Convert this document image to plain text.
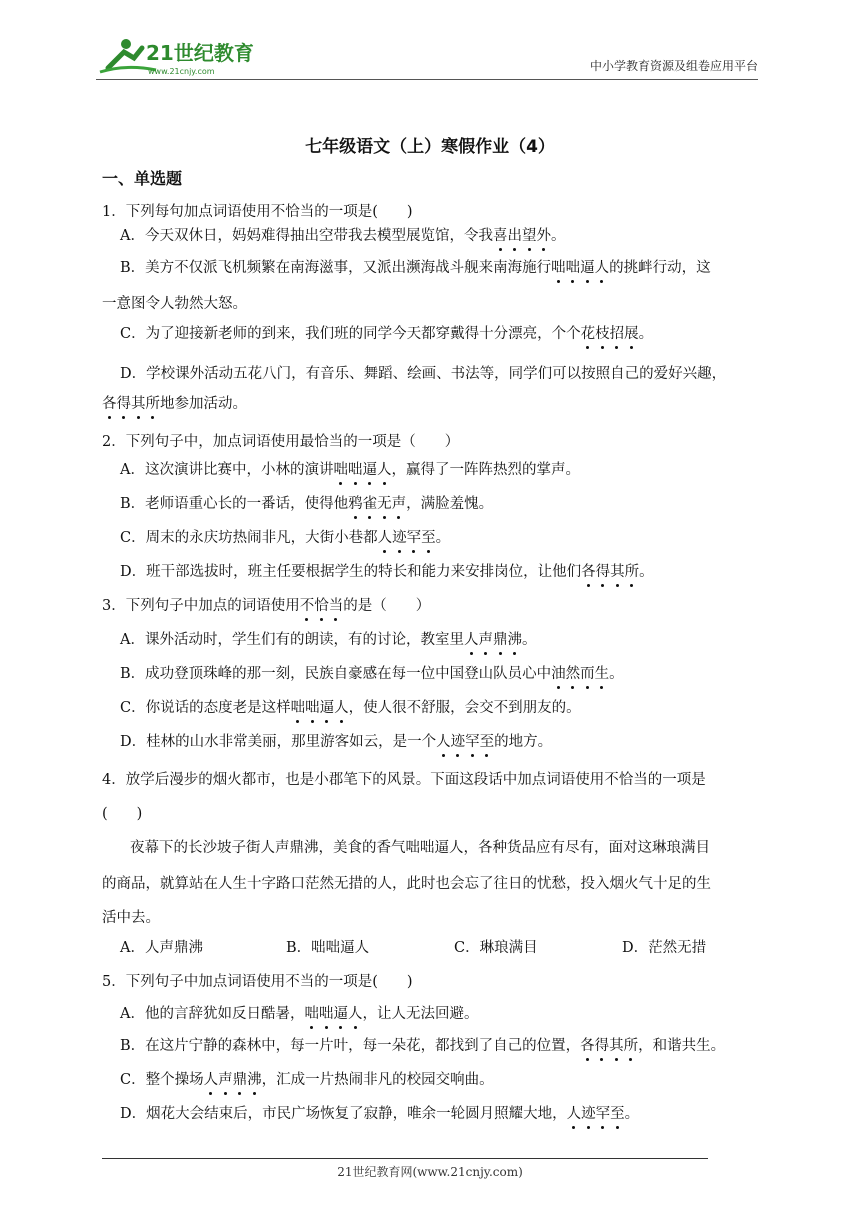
21世纪教育
www.21cnjy.com	中小学教育资源及组卷应用平台
七年级语文（上）寒假作业（4）
一、单选题
1．下列每句加点词语使用不恰当的一项是(　　)
A．今天双休日，妈妈难得抽出空带我去模型展览馆，令我喜出望外。
B．美方不仅派飞机频繁在南海滋事，又派出濒海战斗舰来南海施行咄咄逼人的挑衅行动，这
一意图令人勃然大怒。
C．为了迎接新老师的到来，我们班的同学今天都穿戴得十分漂亮，个个花枝招展。
D．学校课外活动五花八门，有音乐、舞蹈、绘画、书法等，同学们可以按照自己的爱好兴趣，
各得其所地参加活动。
2．下列句子中，加点词语使用最恰当的一项是（　　）
A．这次演讲比赛中，小林的演讲咄咄逼人，赢得了一阵阵热烈的掌声。
B．老师语重心长的一番话，使得他鸦雀无声，满脸羞愧。
C．周末的永庆坊热闹非凡，大街小巷都人迹罕至。
D．班干部选拔时，班主任要根据学生的特长和能力来安排岗位，让他们各得其所。
3．下列句子中加点的词语使用不恰当的是（　　）
A．课外活动时，学生们有的朗读，有的讨论，教室里人声鼎沸。
B．成功登顶珠峰的那一刻，民族自豪感在每一位中国登山队员心中油然而生。
C．你说话的态度老是这样咄咄逼人，使人很不舒服，会交不到朋友的。
D．桂林的山水非常美丽，那里游客如云，是一个人迹罕至的地方。
4．放学后漫步的烟火都市，也是小郡笔下的风景。下面这段话中加点词语使用不恰当的一项是
(　　)
夜幕下的长沙坡子街人声鼎沸，美食的香气咄咄逼人，各种货品应有尽有，面对这琳琅满目
的商品，就算站在人生十字路口茫然无措的人，此时也会忘了往日的忧愁，投入烟火气十足的生
活中去。
5．下列句子中加点词语使用不当的一项是(　　)
A．人声鼎沸	B．咄咄逼人	C．琳琅满目	D．茫然无措
A．他的言辞犹如反日酷暑，咄咄逼人，让人无法回避。
B．在这片宁静的森林中，每一片叶，每一朵花，都找到了自己的位置，各得其所，和谐共生。
C．整个操场人声鼎沸，汇成一片热闹非凡的校园交响曲。
D．烟花大会结束后，市民广场恢复了寂静，唯余一轮圆月照耀大地，人迹罕至。
21世纪教育网(www.21cnjy.com)
